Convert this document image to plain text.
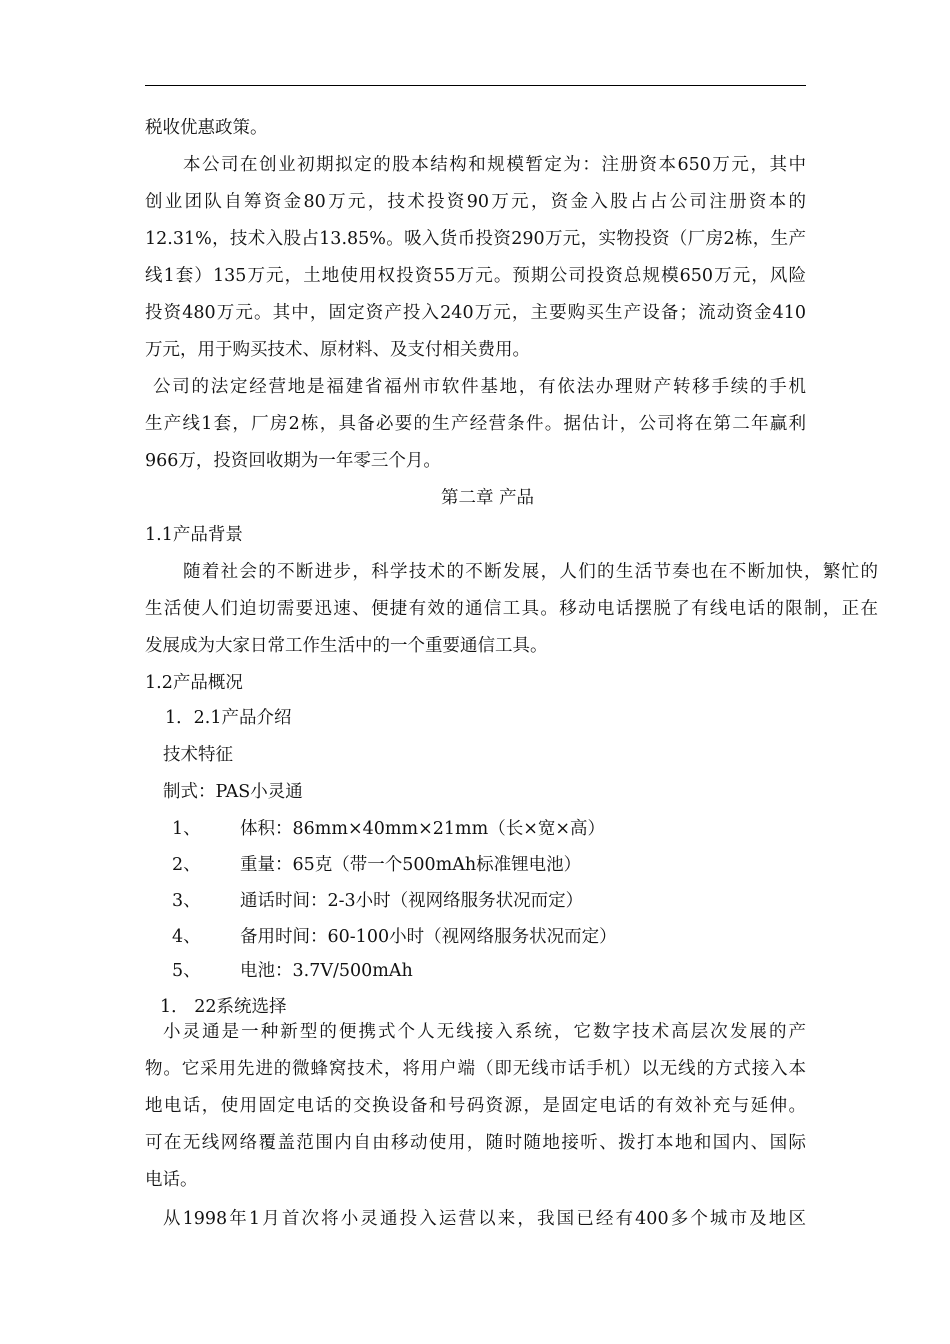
税收优惠政策。
本公司在创业初期拟定的股本结构和规模暂定为：注册资本650万元，其中
创业团队自筹资金80万元，技术投资90万元，资金入股占占公司注册资本的
12.31%，技术入股占13.85%。吸入货币投资290万元，实物投资（厂房2栋，生产
线1套）135万元，土地使用权投资55万元。预期公司投资总规模650万元，风险
投资480万元。其中，固定资产投入240万元，主要购买生产设备；流动资金410
万元，用于购买技术、原材料、及支付相关费用。
公司的法定经营地是福建省福州市软件基地，有依法办理财产转移手续的手机
生产线1套，厂房2栋，具备必要的生产经营条件。据估计，公司将在第二年赢利
966万，投资回收期为一年零三个月。
第二章 产品
1.1产品背景
随着社会的不断进步，科学技术的不断发展，人们的生活节奏也在不断加快，繁忙的
生活使人们迫切需要迅速、便捷有效的通信工具。移动电话摆脱了有线电话的限制，正在
发展成为大家日常工作生活中的一个重要通信工具。
1.2产品概况
1．2.1产品介绍
技术特征
制式：PAS小灵通
1、 体积：86mm×40mm×21mm（长×宽×高）
2、 重量：65克（带一个500mAh标准锂电池）
3、 通话时间：2-3小时（视网络服务状况而定）
4、 备用时间：60-100小时（视网络服务状况而定）
5、 电池：3.7V/500mAh
1． 22系统选择
小灵通是一种新型的便携式个人无线接入系统，它数字技术高层次发展的产
物。它采用先进的微蜂窝技术，将用户端（即无线市话手机）以无线的方式接入本
地电话，使用固定电话的交换设备和号码资源，是固定电话的有效补充与延伸。
可在无线网络覆盖范围内自由移动使用，随时随地接听、拨打本地和国内、国际
电话。
从1998年1月首次将小灵通投入运营以来，我国已经有400多个城市及地区
